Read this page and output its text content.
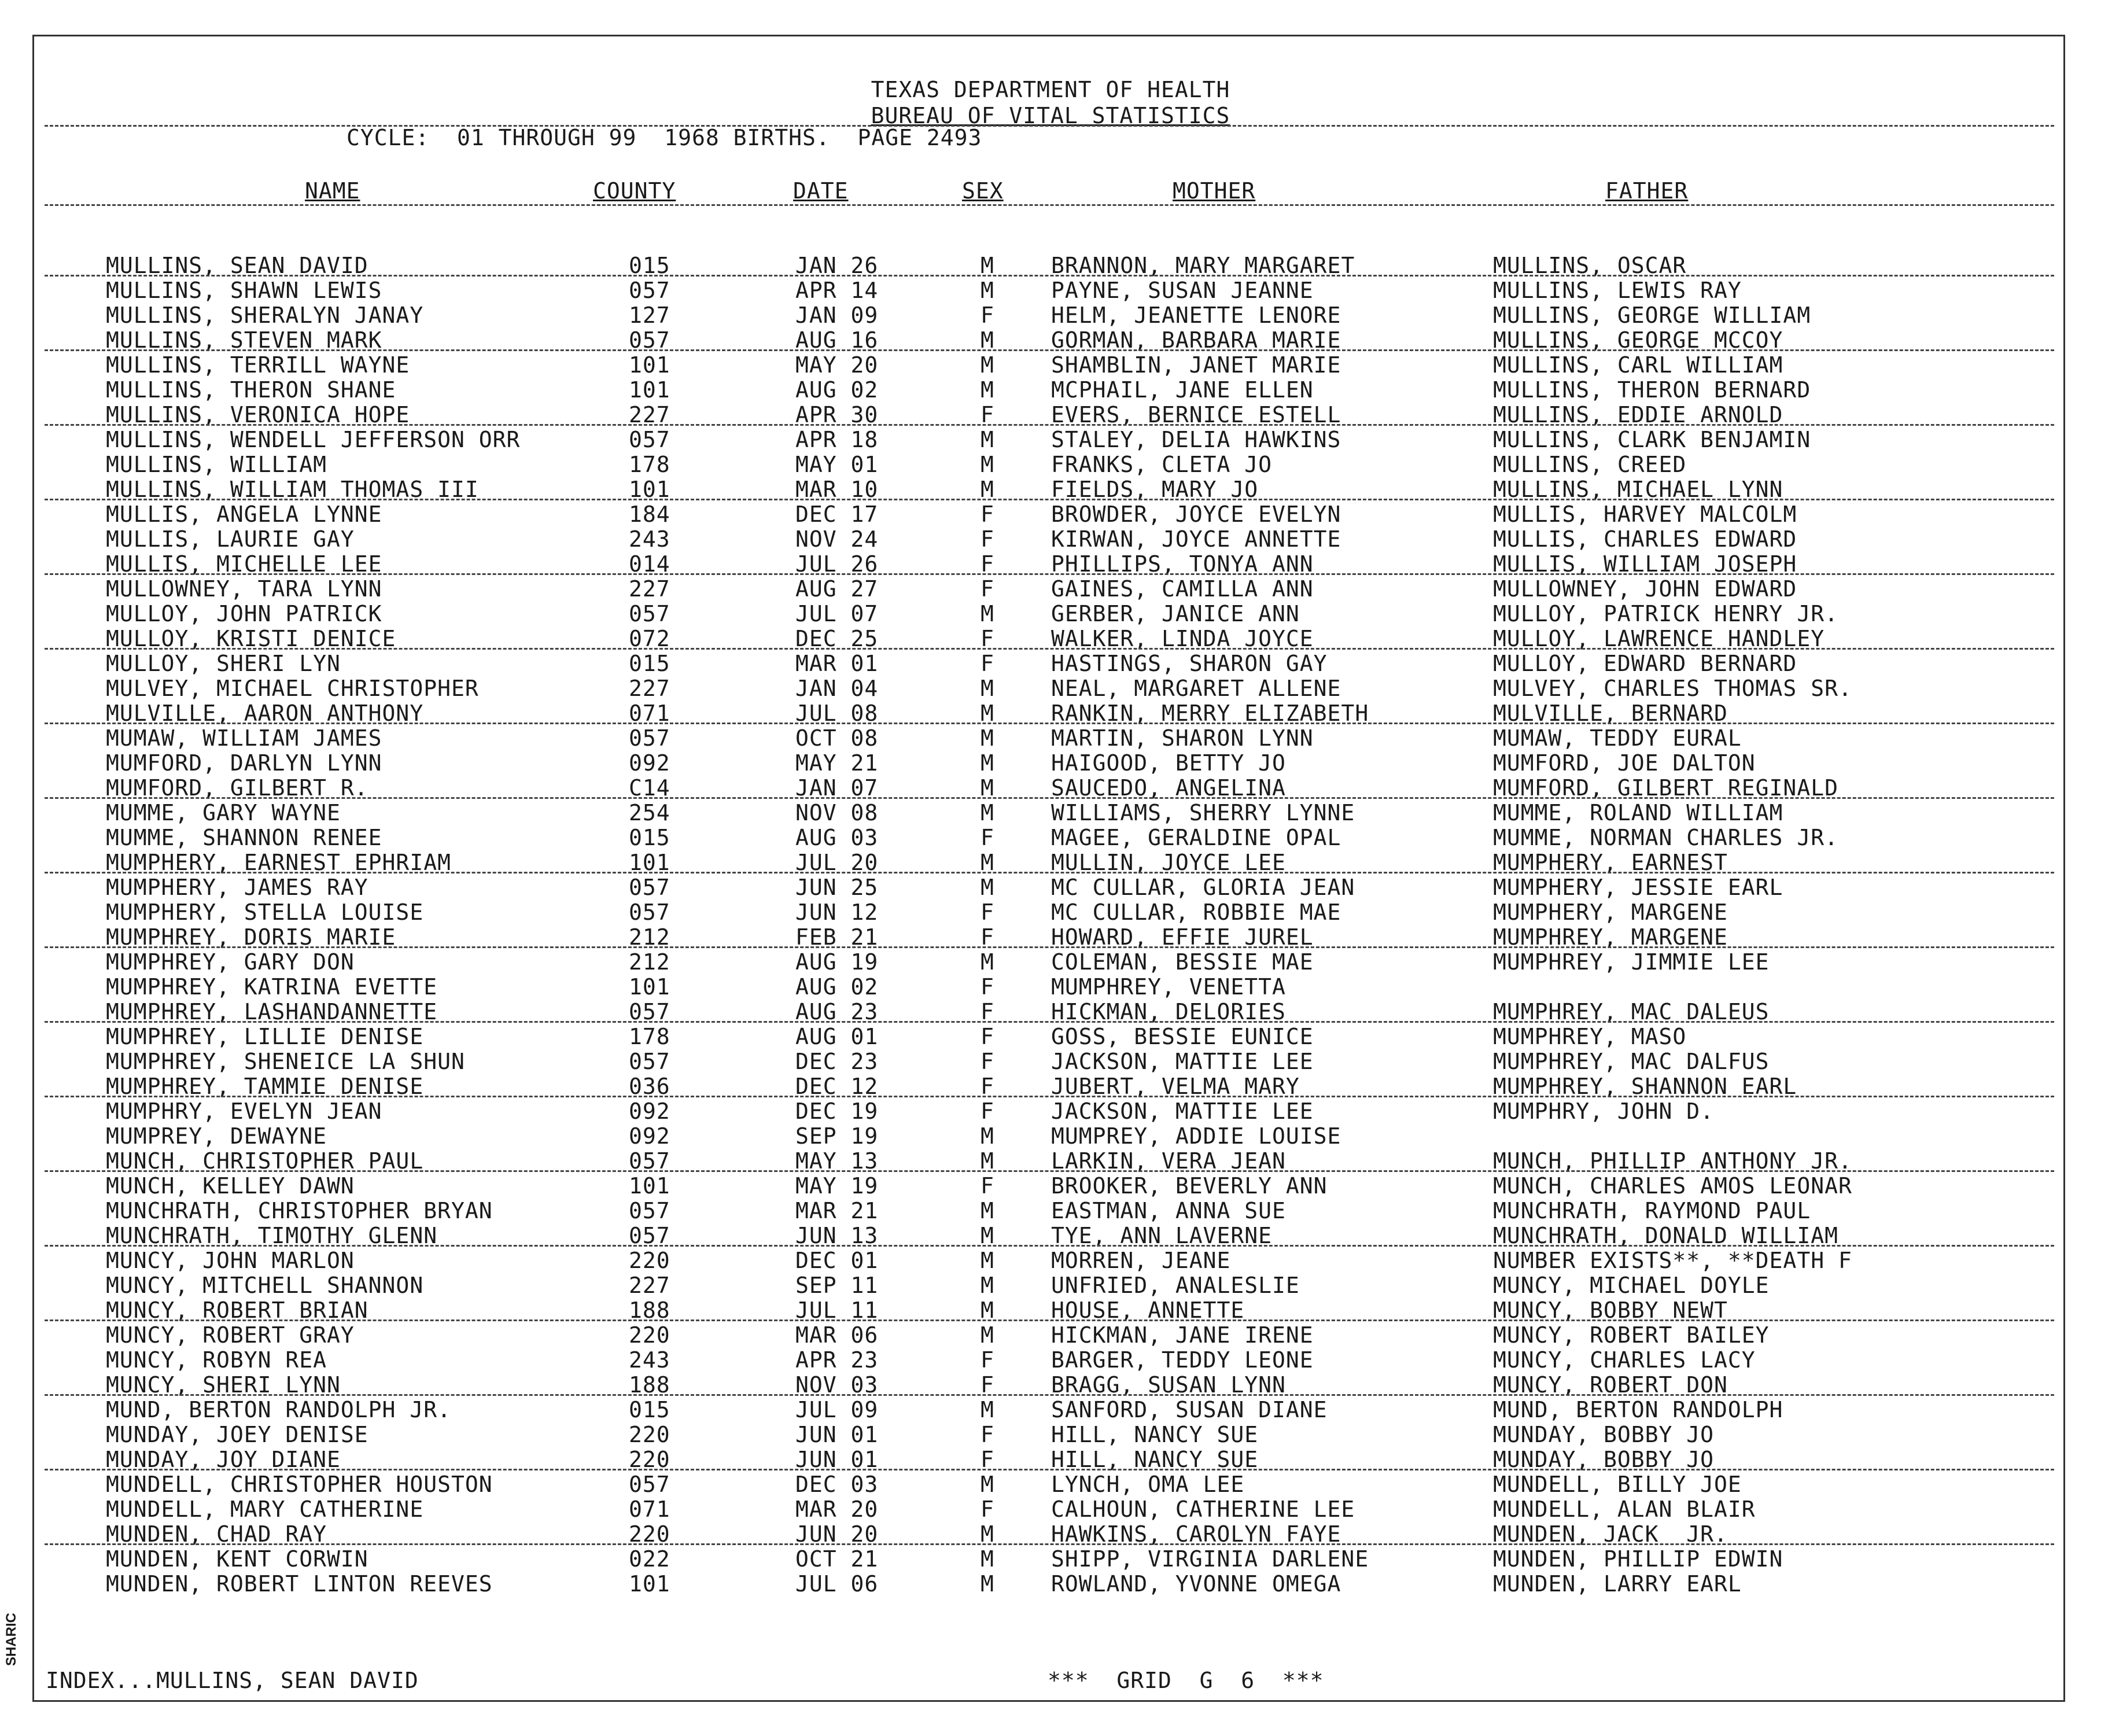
TEXAS DEPARTMENT OF HEALTH
BUREAU OF VITAL STATISTICS
CYCLE:  01 THROUGH 99  1968 BIRTHS.  PAGE 2493
NAME	COUNTY	DATE	SEX	MOTHER	FATHER
MULLINS, SEAN DAVID	015	JAN 26	M	BRANNON, MARY MARGARET	MULLINS, OSCAR
MULLINS, SHAWN LEWIS	057	APR 14	M	PAYNE, SUSAN JEANNE	MULLINS, LEWIS RAY
MULLINS, SHERALYN JANAY	127	JAN 09	F	HELM, JEANETTE LENORE	MULLINS, GEORGE WILLIAM
MULLINS, STEVEN MARK	057	AUG 16	M	GORMAN, BARBARA MARIE	MULLINS, GEORGE MCCOY
MULLINS, TERRILL WAYNE	101	MAY 20	M	SHAMBLIN, JANET MARIE	MULLINS, CARL WILLIAM
MULLINS, THERON SHANE	101	AUG 02	M	MCPHAIL, JANE ELLEN	MULLINS, THERON BERNARD
MULLINS, VERONICA HOPE	227	APR 30	F	EVERS, BERNICE ESTELL	MULLINS, EDDIE ARNOLD
MULLINS, WENDELL JEFFERSON ORR	057	APR 18	M	STALEY, DELIA HAWKINS	MULLINS, CLARK BENJAMIN
MULLINS, WILLIAM	178	MAY 01	M	FRANKS, CLETA JO	MULLINS, CREED
MULLINS, WILLIAM THOMAS III	101	MAR 10	M	FIELDS, MARY JO	MULLINS, MICHAEL LYNN
MULLIS, ANGELA LYNNE	184	DEC 17	F	BROWDER, JOYCE EVELYN	MULLIS, HARVEY MALCOLM
MULLIS, LAURIE GAY	243	NOV 24	F	KIRWAN, JOYCE ANNETTE	MULLIS, CHARLES EDWARD
MULLIS, MICHELLE LEE	014	JUL 26	F	PHILLIPS, TONYA ANN	MULLIS, WILLIAM JOSEPH
MULLOWNEY, TARA LYNN	227	AUG 27	F	GAINES, CAMILLA ANN	MULLOWNEY, JOHN EDWARD
MULLOY, JOHN PATRICK	057	JUL 07	M	GERBER, JANICE ANN	MULLOY, PATRICK HENRY JR.
MULLOY, KRISTI DENICE	072	DEC 25	F	WALKER, LINDA JOYCE	MULLOY, LAWRENCE HANDLEY
MULLOY, SHERI LYN	015	MAR 01	F	HASTINGS, SHARON GAY	MULLOY, EDWARD BERNARD
MULVEY, MICHAEL CHRISTOPHER	227	JAN 04	M	NEAL, MARGARET ALLENE	MULVEY, CHARLES THOMAS SR.
MULVILLE, AARON ANTHONY	071	JUL 08	M	RANKIN, MERRY ELIZABETH	MULVILLE, BERNARD
MUMAW, WILLIAM JAMES	057	OCT 08	M	MARTIN, SHARON LYNN	MUMAW, TEDDY EURAL
MUMFORD, DARLYN LYNN	092	MAY 21	M	HAIGOOD, BETTY JO	MUMFORD, JOE DALTON
MUMFORD, GILBERT R.	C14	JAN 07	M	SAUCEDO, ANGELINA	MUMFORD, GILBERT REGINALD
MUMME, GARY WAYNE	254	NOV 08	M	WILLIAMS, SHERRY LYNNE	MUMME, ROLAND WILLIAM
MUMME, SHANNON RENEE	015	AUG 03	F	MAGEE, GERALDINE OPAL	MUMME, NORMAN CHARLES JR.
MUMPHERY, EARNEST EPHRIAM	101	JUL 20	M	MULLIN, JOYCE LEE	MUMPHERY, EARNEST
MUMPHERY, JAMES RAY	057	JUN 25	M	MC CULLAR, GLORIA JEAN	MUMPHERY, JESSIE EARL
MUMPHERY, STELLA LOUISE	057	JUN 12	F	MC CULLAR, ROBBIE MAE	MUMPHERY, MARGENE
MUMPHREY, DORIS MARIE	212	FEB 21	F	HOWARD, EFFIE JUREL	MUMPHREY, MARGENE
MUMPHREY, GARY DON	212	AUG 19	M	COLEMAN, BESSIE MAE	MUMPHREY, JIMMIE LEE
MUMPHREY, KATRINA EVETTE	101	AUG 02	F	MUMPHREY, VENETTA
MUMPHREY, LASHANDANNETTE	057	AUG 23	F	HICKMAN, DELORIES	MUMPHREY, MAC DALEUS
MUMPHREY, LILLIE DENISE	178	AUG 01	F	GOSS, BESSIE EUNICE	MUMPHREY, MASO
MUMPHREY, SHENEICE LA SHUN	057	DEC 23	F	JACKSON, MATTIE LEE	MUMPHREY, MAC DALFUS
MUMPHREY, TAMMIE DENISE	036	DEC 12	F	JUBERT, VELMA MARY	MUMPHREY, SHANNON EARL
MUMPHRY, EVELYN JEAN	092	DEC 19	F	JACKSON, MATTIE LEE	MUMPHRY, JOHN D.
MUMPREY, DEWAYNE	092	SEP 19	M	MUMPREY, ADDIE LOUISE
MUNCH, CHRISTOPHER PAUL	057	MAY 13	M	LARKIN, VERA JEAN	MUNCH, PHILLIP ANTHONY JR.
MUNCH, KELLEY DAWN	101	MAY 19	F	BROOKER, BEVERLY ANN	MUNCH, CHARLES AMOS LEONAR
MUNCHRATH, CHRISTOPHER BRYAN	057	MAR 21	M	EASTMAN, ANNA SUE	MUNCHRATH, RAYMOND PAUL
MUNCHRATH, TIMOTHY GLENN	057	JUN 13	M	TYE, ANN LAVERNE	MUNCHRATH, DONALD WILLIAM
MUNCY, JOHN MARLON	220	DEC 01	M	MORREN, JEANE	NUMBER EXISTS**, **DEATH F
MUNCY, MITCHELL SHANNON	227	SEP 11	M	UNFRIED, ANALESLIE	MUNCY, MICHAEL DOYLE
MUNCY, ROBERT BRIAN	188	JUL 11	M	HOUSE, ANNETTE	MUNCY, BOBBY NEWT
MUNCY, ROBERT GRAY	220	MAR 06	M	HICKMAN, JANE IRENE	MUNCY, ROBERT BAILEY
MUNCY, ROBYN REA	243	APR 23	F	BARGER, TEDDY LEONE	MUNCY, CHARLES LACY
MUNCY, SHERI LYNN	188	NOV 03	F	BRAGG, SUSAN LYNN	MUNCY, ROBERT DON
MUND, BERTON RANDOLPH JR.	015	JUL 09	M	SANFORD, SUSAN DIANE	MUND, BERTON RANDOLPH
MUNDAY, JOEY DENISE	220	JUN 01	F	HILL, NANCY SUE	MUNDAY, BOBBY JO
MUNDAY, JOY DIANE	220	JUN 01	F	HILL, NANCY SUE	MUNDAY, BOBBY JO
MUNDELL, CHRISTOPHER HOUSTON	057	DEC 03	M	LYNCH, OMA LEE	MUNDELL, BILLY JOE
MUNDELL, MARY CATHERINE	071	MAR 20	F	CALHOUN, CATHERINE LEE	MUNDELL, ALAN BLAIR
MUNDEN, CHAD RAY	220	JUN 20	M	HAWKINS, CAROLYN FAYE	MUNDEN, JACK  JR.
MUNDEN, KENT CORWIN	022	OCT 21	M	SHIPP, VIRGINIA DARLENE	MUNDEN, PHILLIP EDWIN
MUNDEN, ROBERT LINTON REEVES	101	JUL 06	M	ROWLAND, YVONNE OMEGA	MUNDEN, LARRY EARL
INDEX...MULLINS, SEAN DAVID	***  GRID  G  6  ***
SHARIC
